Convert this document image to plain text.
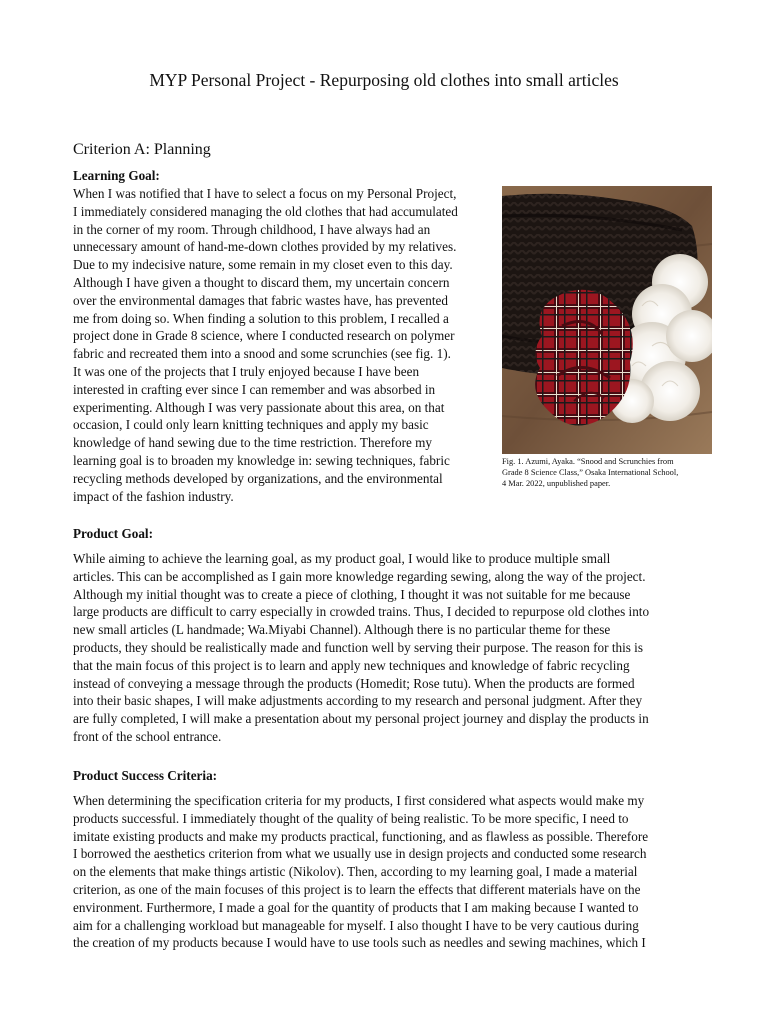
MYP Personal Project - Repurposing old clothes into small articles
Criterion A: Planning
Learning Goal:
When I was notified that I have to select a focus on my Personal Project,
I immediately considered managing the old clothes that had accumulated
in the corner of my room. Through childhood, I have always had an
unnecessary amount of hand-me-down clothes provided by my relatives.
Due to my indecisive nature, some remain in my closet even to this day.
Although I have given a thought to discard them, my uncertain concern
over the environmental damages that fabric wastes have, has prevented
me from doing so. When finding a solution to this problem, I recalled a
project done in Grade 8 science, where I conducted research on polymer
fabric and recreated them into a snood and some scrunchies (see fig. 1).
It was one of the projects that I truly enjoyed because I have been
interested in crafting ever since I can remember and was absorbed in
experimenting. Although I was very passionate about this area, on that
occasion, I could only learn knitting techniques and apply my basic
knowledge of hand sewing due to the time restriction. Therefore my
learning goal is to broaden my knowledge in: sewing techniques, fabric
recycling methods developed by organizations, and the environmental
impact of the fashion industry.
Fig. 1. Azumi, Ayaka. “Snood and Scrunchies from
Grade 8 Science Class,” Osaka International School,
4 Mar. 2022, unpublished paper.
Product Goal:
While aiming to achieve the learning goal, as my product goal, I would like to produce multiple small
articles. This can be accomplished as I gain more knowledge regarding sewing, along the way of the project.
Although my initial thought was to create a piece of clothing, I thought it was not suitable for me because
large products are difficult to carry especially in crowded trains. Thus, I decided to repurpose old clothes into
new small articles (L handmade; Wa.Miyabi Channel). Although there is no particular theme for these
products, they should be realistically made and function well by serving their purpose. The reason for this is
that the main focus of this project is to learn and apply new techniques and knowledge of fabric recycling
instead of conveying a message through the products (Homedit; Rose tutu). When the products are formed
into their basic shapes, I will make adjustments according to my research and personal judgment. After they
are fully completed, I will make a presentation about my personal project journey and display the products in
front of the school entrance.
Product Success Criteria:
When determining the specification criteria for my products, I first considered what aspects would make my
products successful. I immediately thought of the quality of being realistic. To be more specific, I need to
imitate existing products and make my products practical, functioning, and as flawless as possible. Therefore
I borrowed the aesthetics criterion from what we usually use in design projects and conducted some research
on the elements that make things artistic (Nikolov). Then, according to my learning goal, I made a material
criterion, as one of the main focuses of this project is to learn the effects that different materials have on the
environment. Furthermore, I made a goal for the quantity of products that I am making because I wanted to
aim for a challenging workload but manageable for myself. I also thought I have to be very cautious during
the creation of my products because I would have to use tools such as needles and sewing machines, which I
